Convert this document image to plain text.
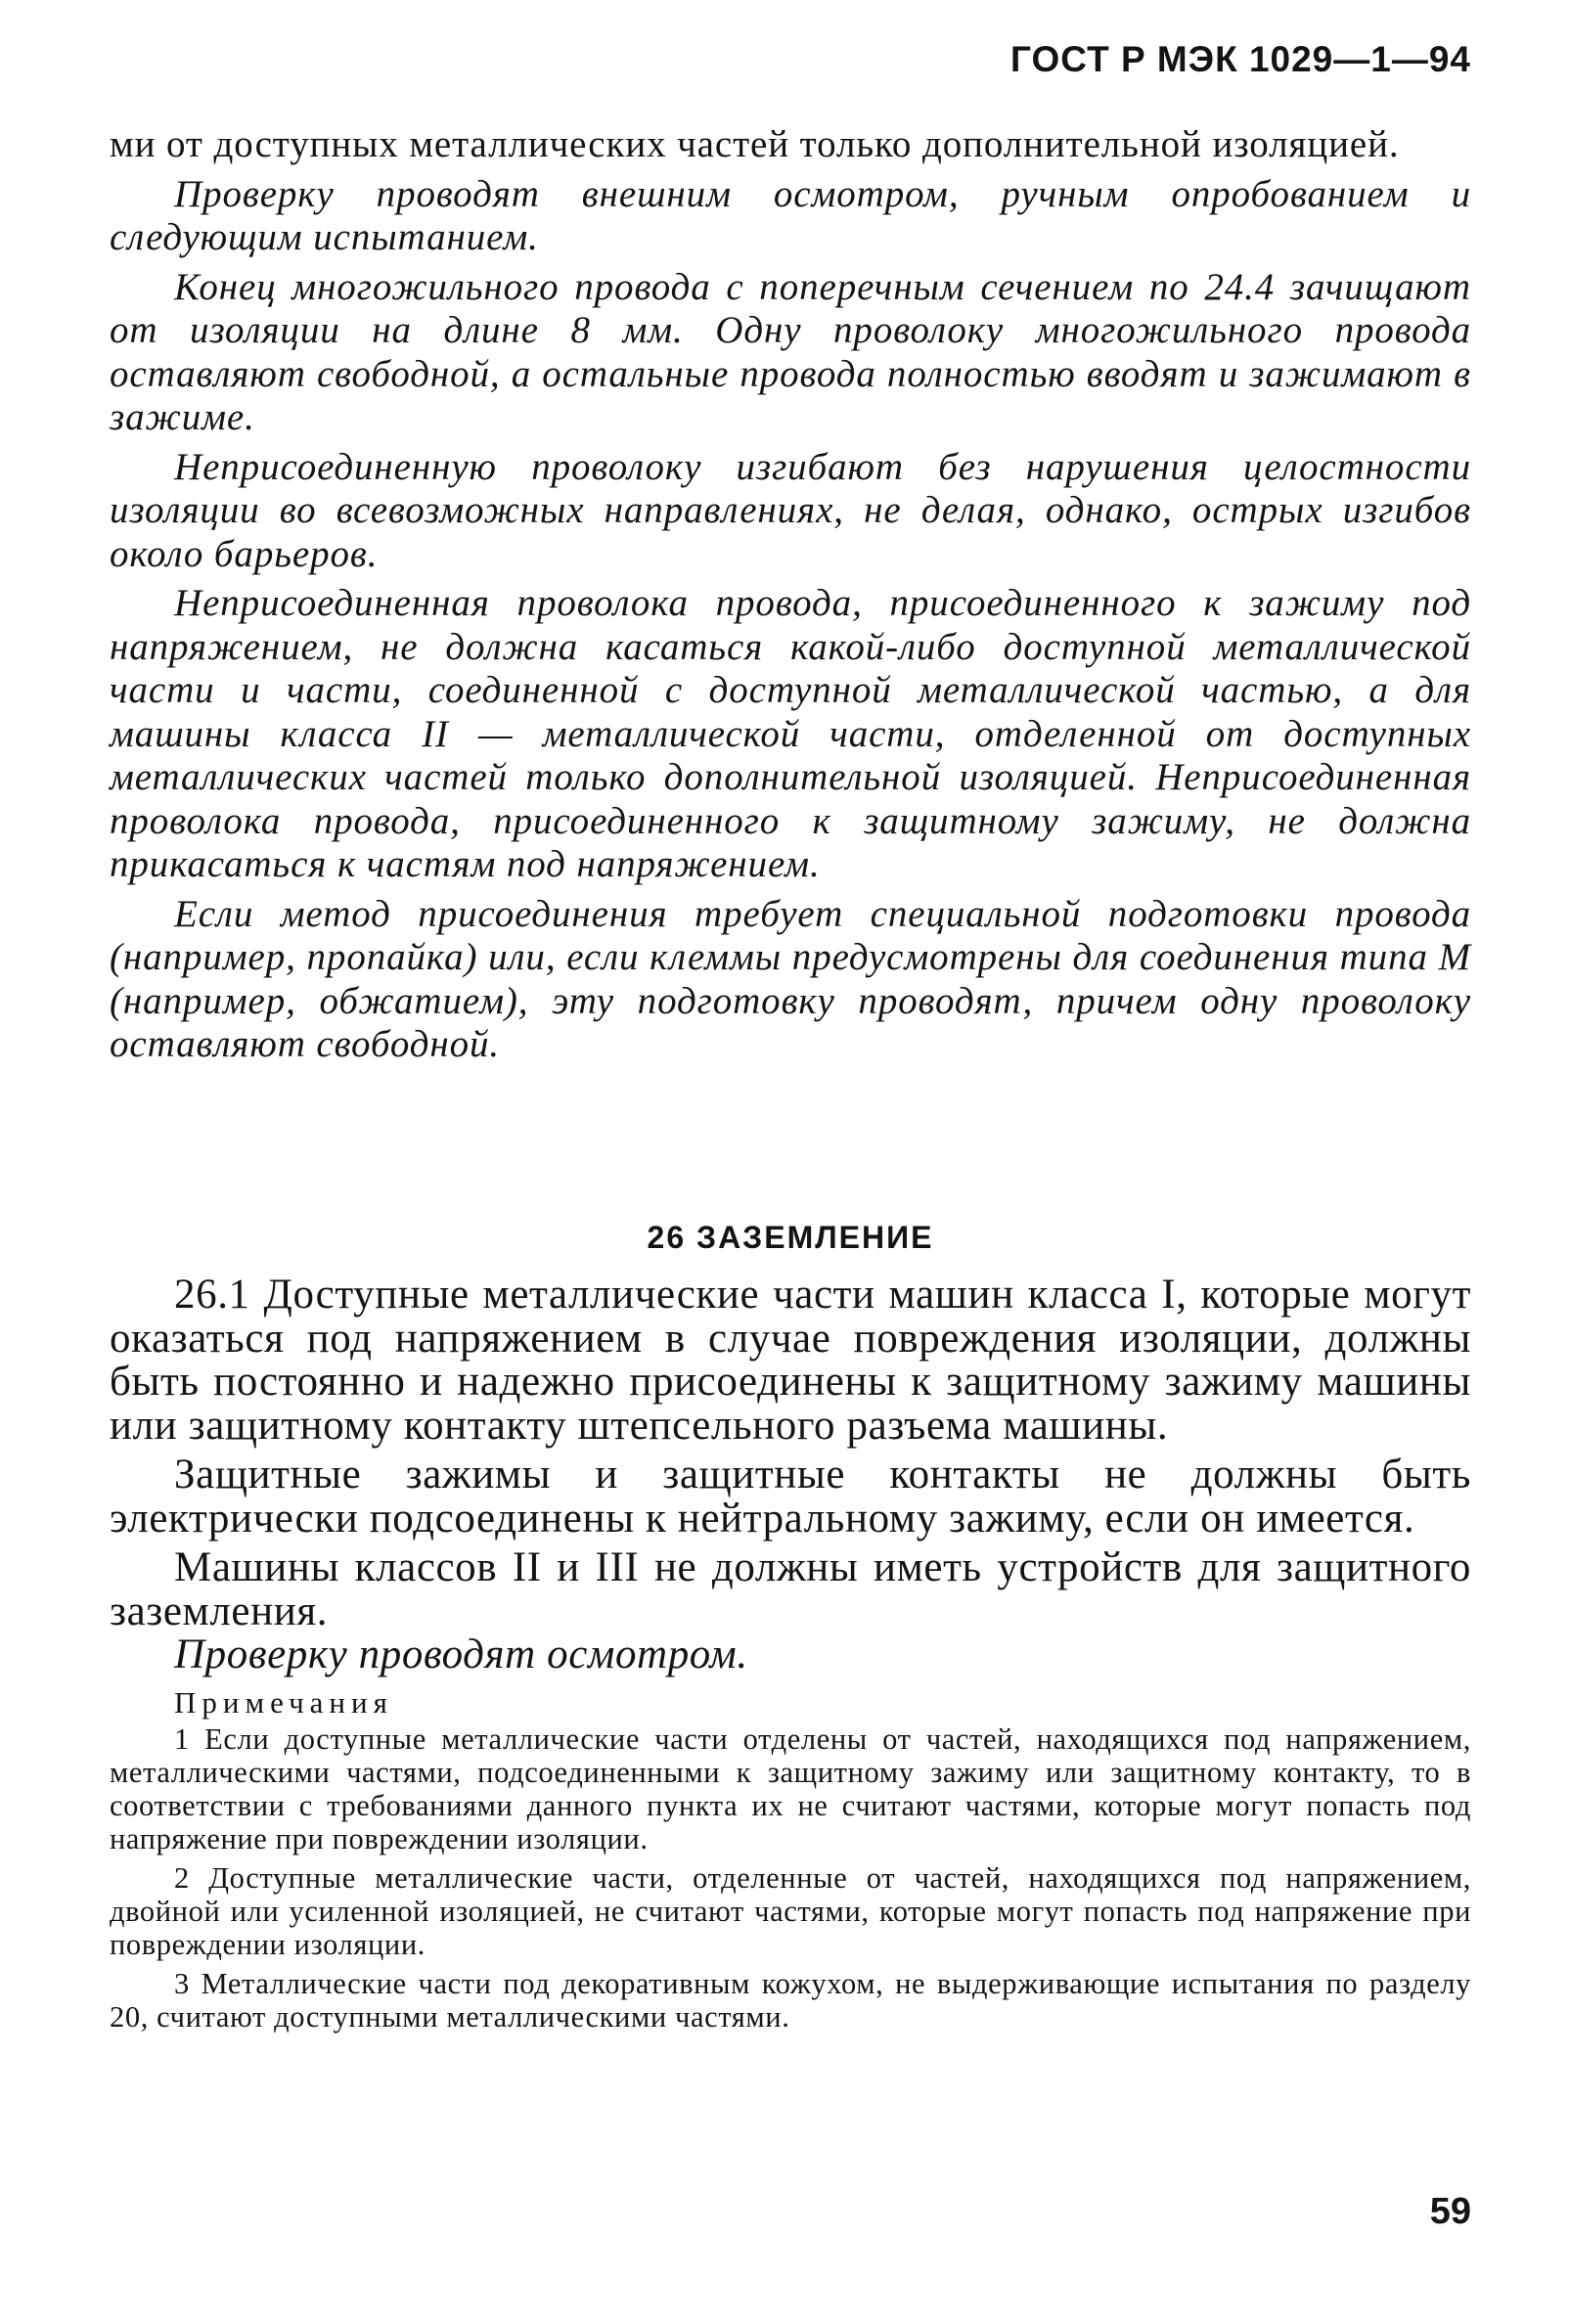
ГОСТ Р МЭК 1029—1—94

ми от доступных металлических частей только дополнительной изоляцией.

Проверку проводят внешним осмотром, ручным опробованием и следующим испытанием.

Конец многожильного провода с поперечным сечением по 24.4 зачищают от изоляции на длине 8 мм. Одну проволоку многожильного провода оставляют свободной, а остальные провода полностью вводят и зажимают в зажиме.

Неприсоединенную проволоку изгибают без нарушения целостности изоляции во всевозможных направлениях, не делая, однако, острых изгибов около барьеров.

Неприсоединенная проволока провода, присоединенного к зажиму под напряжением, не должна касаться какой-либо доступной металлической части и части, соединенной с доступной металлической частью, а для машины класса II — металлической части, отделенной от доступных металлических частей только дополнительной изоляцией. Неприсоединенная проволока провода, присоединенного к защитному зажиму, не должна прикасаться к частям под напряжением.

Если метод присоединения требует специальной подготовки провода (например, пропайка) или, если клеммы предусмотрены для соединения типа M (например, обжатием), эту подготовку проводят, причем одну проволоку оставляют свободной.

26 ЗАЗЕМЛЕНИЕ

26.1 Доступные металлические части машин класса I, которые могут оказаться под напряжением в случае повреждения изоляции, должны быть постоянно и надежно присоединены к защитному зажиму машины или защитному контакту штепсельного разъема машины.

Защитные зажимы и защитные контакты не должны быть электрически подсоединены к нейтральному зажиму, если он имеется.

Машины классов II и III не должны иметь устройств для защитного заземления.

Проверку проводят осмотром.

Примечания

1 Если доступные металлические части отделены от частей, находящихся под напряжением, металлическими частями, подсоединенными к защитному зажиму или защитному контакту, то в соответствии с требованиями данного пункта их не считают частями, которые могут попасть под напряжение при повреждении изоляции.

2 Доступные металлические части, отделенные от частей, находящихся под напряжением, двойной или усиленной изоляцией, не считают частями, которые могут попасть под напряжение при повреждении изоляции.

3 Металлические части под декоративным кожухом, не выдерживающие испытания по разделу 20, считают доступными металлическими частями.

59
